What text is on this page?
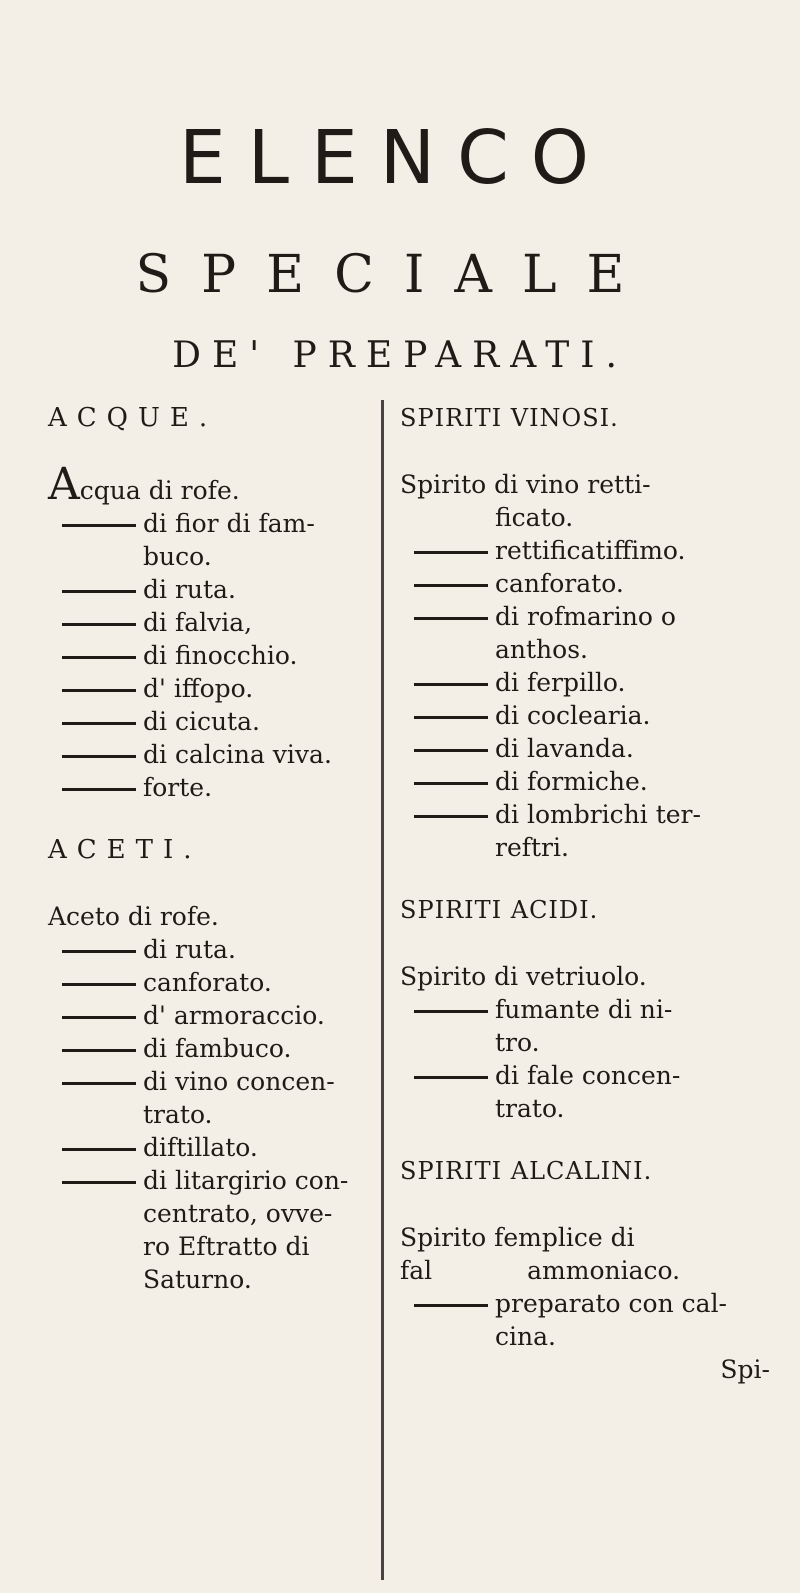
ELENCO
SPECIALE
DE' PREPARATI.
ACQUE.

Acqua di rofe.

di fior di fam-
buco.

di ruta.

di falvia,

di finocchio.

d' iffopo.

di cicuta.

di calcina viva.

forte.

ACETI.

Aceto di rofe.

di ruta.

canforato.

d' armoraccio.

di fambuco.

di vino concen-
trato.

diftillato.

di litargirio con-
centrato, ovve-
ro Eftratto di
Saturno.

SPIRITI VINOSI.

Spirito di vino retti-ficato.

rettificatiffimo.

canforato.

di rofmarino o
anthos.

di ferpillo.

di coclearia.

di lavanda.

di formiche.

di lombrichi ter-
reftri.

SPIRITI ACIDI.

Spirito di vetriuolo.

fumante di ni-
tro.

di fale concen-
trato.

SPIRITI ALCALINI.

Spirito femplice di fal	ammoniaco.

preparato con cal-
cina.

Spi-
